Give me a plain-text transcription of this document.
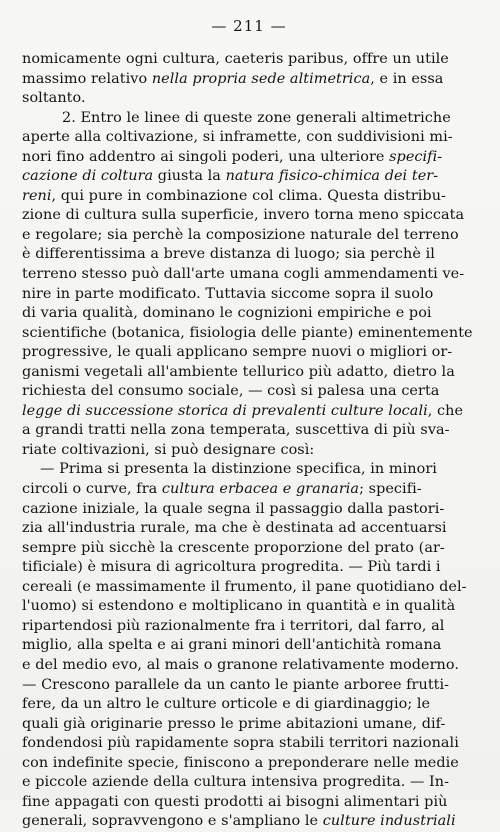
— 211 —
nomicamente ogni cultura, caeteris paribus, offre un utile
massimo relativo nella propria sede altimetrica, e in essa
soltanto.
2. Entro le linee di queste zone generali altimetriche
aperte alla coltivazione, si inframette, con suddivisioni mi-
nori fino addentro ai singoli poderi, una ulteriore specifi-
cazione di coltura giusta la natura fisico-chimica dei ter-
reni, qui pure in combinazione col clima. Questa distribu-
zione di cultura sulla superficie, invero torna meno spiccata
e regolare; sia perchè la composizione naturale del terreno
è differentissima a breve distanza di luogo; sia perchè il
terreno stesso può dall'arte umana cogli ammendamenti ve-
nire in parte modificato. Tuttavia siccome sopra il suolo
di varia qualità, dominano le cognizioni empiriche e poi
scientifiche (botanica, fisiologia delle piante) eminentemente
progressive, le quali applicano sempre nuovi o migliori or-
ganismi vegetali all'ambiente tellurico più adatto, dietro la
richiesta del consumo sociale, — così si palesa una certa
legge di successione storica di prevalenti culture locali, che
a grandi tratti nella zona temperata, suscettiva di più sva-
riate coltivazioni, si può designare così:
— Prima si presenta la distinzione specifica, in minori
circoli o curve, fra cultura erbacea e granaria; specifi-
cazione iniziale, la quale segna il passaggio dalla pastori-
zia all'industria rurale, ma che è destinata ad accentuarsi
sempre più sicchè la crescente proporzione del prato (ar-
tificiale) è misura di agricoltura progredita. — Più tardi i
cereali (e massimamente il frumento, il pane quotidiano del-
l'uomo) si estendono e moltiplicano in quantità e in qualità
ripartendosi più razionalmente fra i territori, dal farro, al
miglio, alla spelta e ai grani minori dell'antichità romana
e del medio evo, al mais o granone relativamente moderno.
— Crescono parallele da un canto le piante arboree frutti-
fere, da un altro le culture orticole e di giardinaggio; le
quali già originarie presso le prime abitazioni umane, dif-
fondendosi più rapidamente sopra stabili territori nazionali
con indefinite specie, finiscono a preponderare nelle medie
e piccole aziende della cultura intensiva progredita. — In-
fine appagati con questi prodotti ai bisogni alimentari più
generali, sopravvengono e s'ampliano le culture industriali
